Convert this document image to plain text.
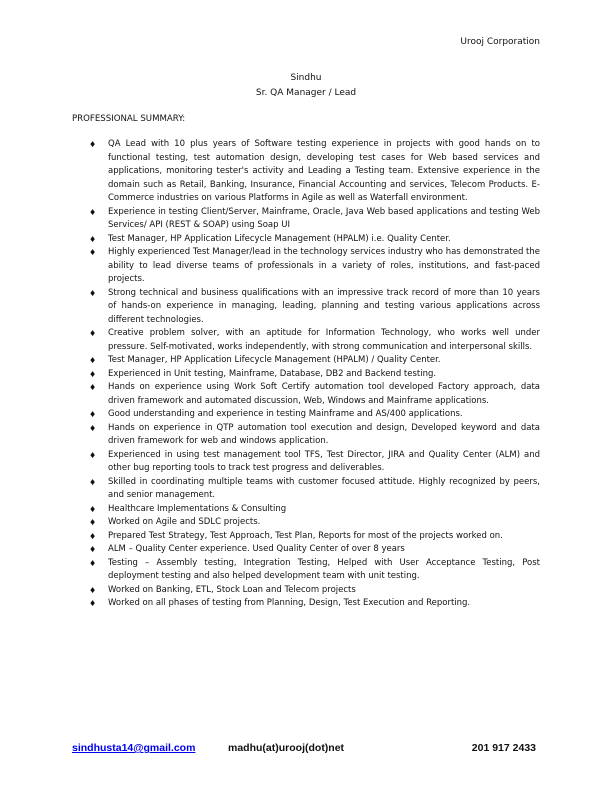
Urooj Corporation
Sindhu
Sr. QA Manager / Lead
PROFESSIONAL SUMMARY:
♦ QA Lead with 10 plus years of Software testing experience in projects with good hands on to functional testing, test automation design, developing test cases for Web based services and applications, monitoring tester's activity and Leading a Testing team. Extensive experience in the domain such as Retail, Banking, Insurance, Financial Accounting and services, Telecom Products. E-Commerce industries on various Platforms in Agile as well as Waterfall environment.
♦ Experience in testing Client/Server, Mainframe, Oracle, Java Web based applications and testing Web Services/ API (REST & SOAP) using Soap UI
♦ Test Manager, HP Application Lifecycle Management (HPALM) i.e. Quality Center.
♦ Highly experienced Test Manager/lead in the technology services industry who has demonstrated the ability to lead diverse teams of professionals in a variety of roles, institutions, and fast-paced projects.
♦ Strong technical and business qualifications with an impressive track record of more than 10 years of hands-on experience in managing, leading, planning and testing various applications across different technologies.
♦ Creative problem solver, with an aptitude for Information Technology, who works well under pressure. Self-motivated, works independently, with strong communication and interpersonal skills.
♦ Test Manager, HP Application Lifecycle Management (HPALM) / Quality Center.
♦ Experienced in Unit testing, Mainframe, Database, DB2 and Backend testing.
♦ Hands on experience using Work Soft Certify automation tool developed Factory approach, data driven framework and automated discussion, Web, Windows and Mainframe applications.
♦ Good understanding and experience in testing Mainframe and AS/400 applications.
♦ Hands on experience in QTP automation tool execution and design, Developed keyword and data driven framework for web and windows application.
♦ Experienced in using test management tool TFS, Test Director, JIRA and Quality Center (ALM) and other bug reporting tools to track test progress and deliverables.
♦ Skilled in coordinating multiple teams with customer focused attitude. Highly recognized by peers, and senior management.
♦ Healthcare Implementations & Consulting
♦ Worked on Agile and SDLC projects.
♦ Prepared Test Strategy, Test Approach, Test Plan, Reports for most of the projects worked on.
♦ ALM – Quality Center experience. Used Quality Center of over 8 years
♦ Testing – Assembly testing, Integration Testing, Helped with User Acceptance Testing, Post deployment testing and also helped development team with unit testing.
♦ Worked on Banking, ETL, Stock Loan and Telecom projects
♦ Worked on all phases of testing from Planning, Design, Test Execution and Reporting.
sindhusta14@gmail.com	madhu(at)urooj(dot)net	201 917 2433
